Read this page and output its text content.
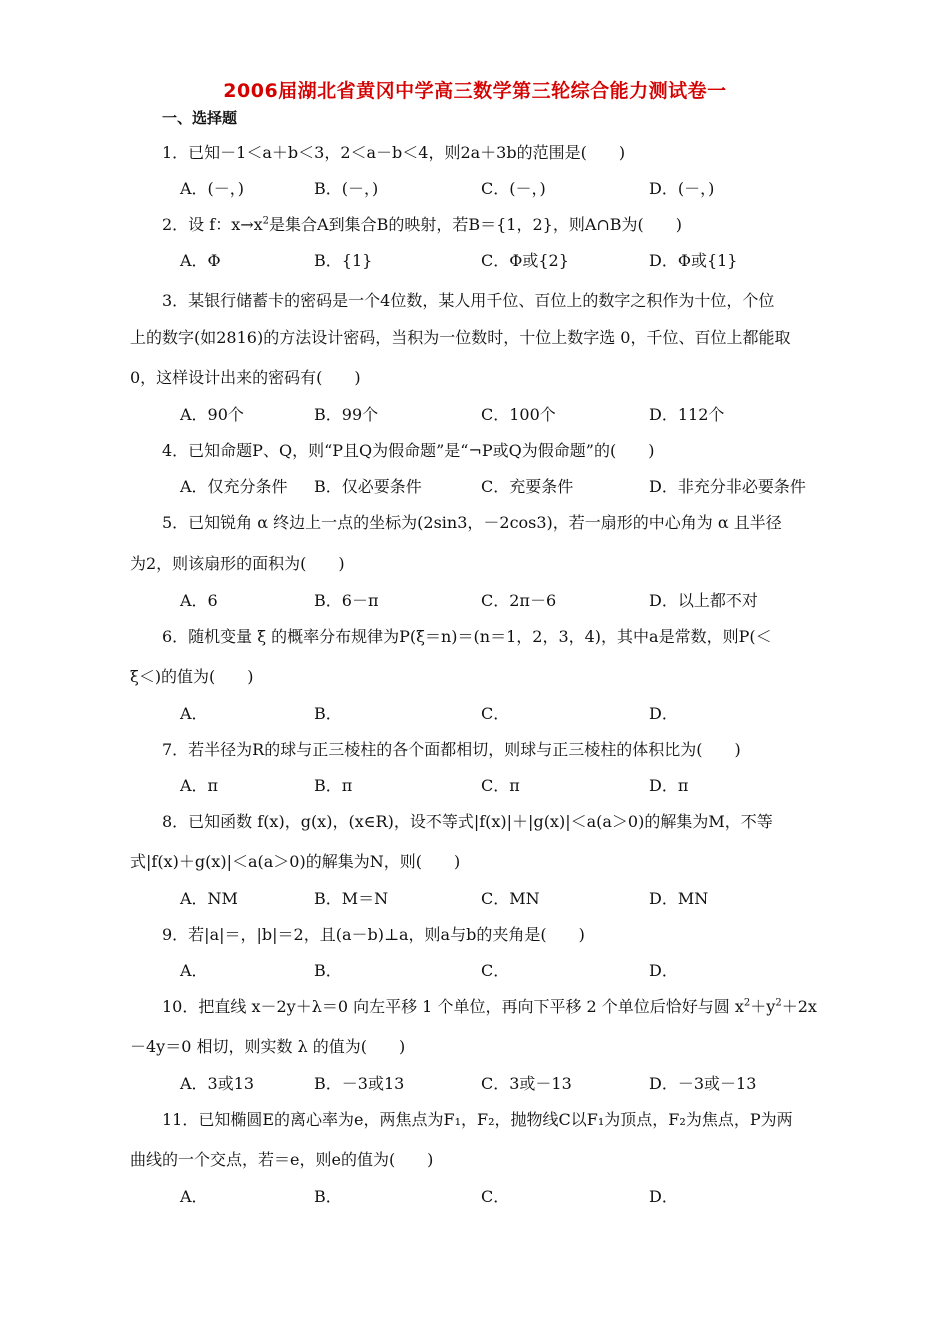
2006届湖北省黄冈中学高三数学第三轮综合能力测试卷一
一、选择题
1．已知－1＜a＋b＜3，2＜a－b＜4，则2a＋3b的范围是(　　)
A．(－，)	B．(－，)	C．(－，)	D．(－，)
2．设 f：$x\to x^2$是集合A到集合B的映射，若B＝{1，2}，则A∩B为(　　)
A．Φ	B．{1}	C．Φ或{2}	D．Φ或{1}
3．某银行储蓄卡的密码是一个4位数，某人用千位、百位上的数字之积作为十位，个位
上的数字(如2816)的方法设计密码，当积为一位数时，十位上数字选 0，千位、百位上都能取
0，这样设计出来的密码有(　　)
A．90个	B．99个	C．100个	D．112个
4．已知命题P、Q，则“P且Q为假命题”是“¬P或Q为假命题”的(　　)
A．仅充分条件 B．仅必要条件	C．充要条件	D．非充分非必要条件
5．已知锐角 α 终边上一点的坐标为(2sin3，－2cos3)，若一扇形的中心角为 α 且半径
为2，则该扇形的面积为(　　)
A．6	B．6－π	C．2π－6	D．以上都不对
6．随机变量 ξ 的概率分布规律为P(ξ＝n)＝(n＝1，2，3，4)，其中a是常数，则P(＜
ξ＜)的值为(　　)
A．	B．	C．	D．
7．若半径为R的球与正三棱柱的各个面都相切，则球与正三棱柱的体积比为(　　)
A．π	B．π	C．π	D．π
8．已知函数 f(x)，g(x)，(x∈R)，设不等式|f(x)|＋|g(x)|＜a(a＞0)的解集为M，不等
式|f(x)＋g(x)|＜a(a＞0)的解集为N，则(　　)
A．NM	B．M＝N	C．MN	D．MN
9．若|a|＝，|b|＝2，且(a－b)⊥a，则a与b的夹角是(　　)
A．	B．	C．	D．
10．把直线 x－2y＋λ＝0 向左平移 1 个单位，再向下平移 2 个单位后恰好与圆 $x^2+y^2+2x$
－4y＝0 相切，则实数 λ 的值为(　　)
A．3或13	B．－3或13	C．3或－13	D．－3或－13
11．已知椭圆E的离心率为e，两焦点为F₁，F₂，抛物线C以F₁为顶点，F₂为焦点，P为两
曲线的一个交点，若＝e，则e的值为(　　)
A．	B．	C．	D．
